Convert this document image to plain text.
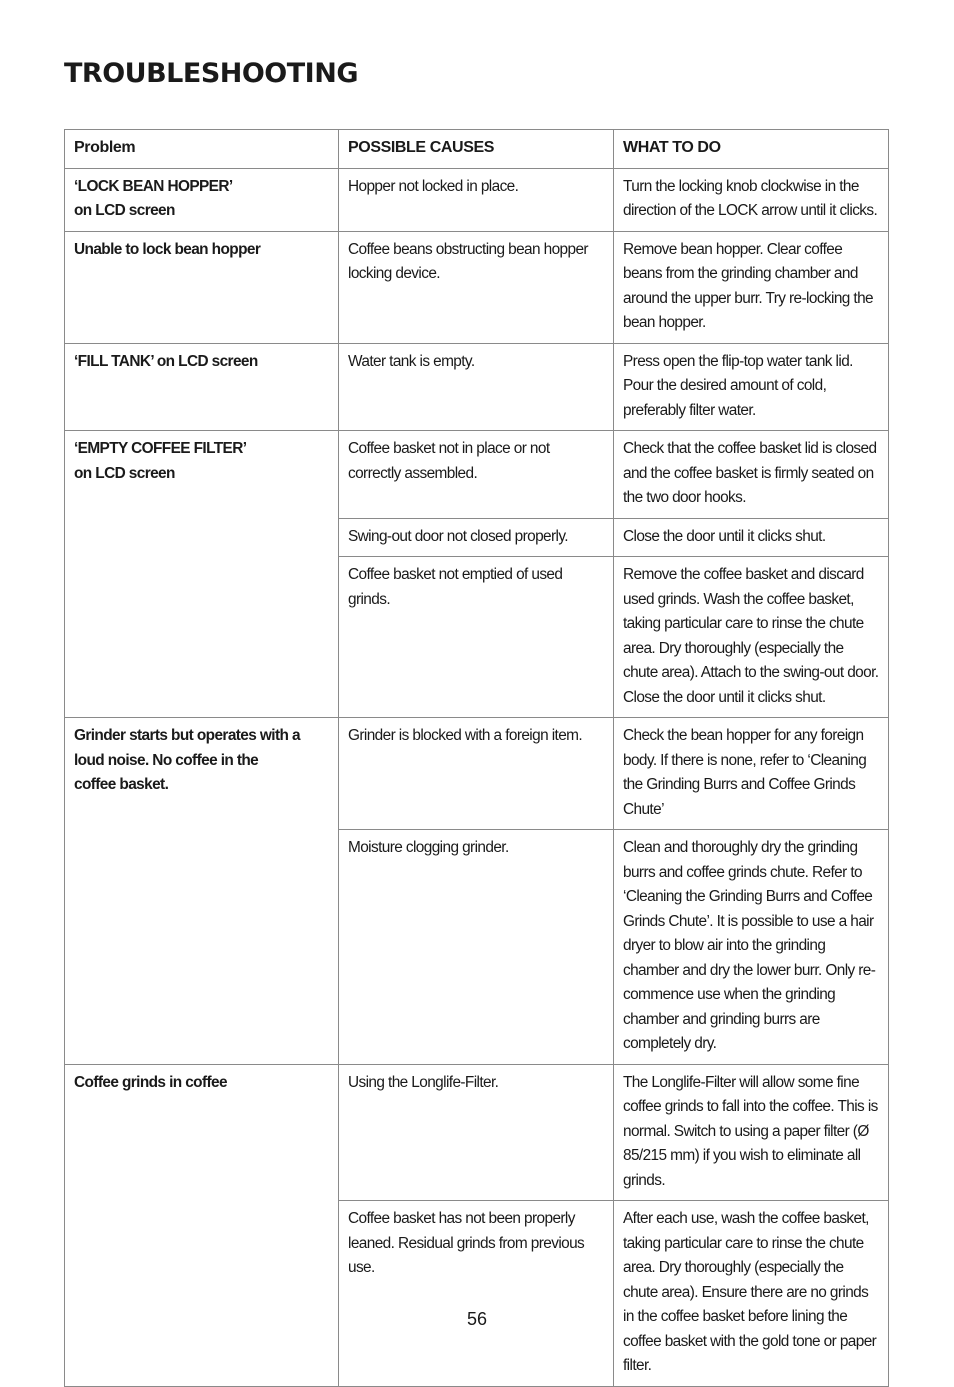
TROUBLESHOOTING
Problem	POSSIBLE CAUSES	WHAT TO DO

‘LOCK BEAN HOPPER’
on LCD screen	Hopper not locked in place.	Turn the locking knob clockwise in the direction of the LOCK arrow until it clicks.

Unable to lock bean hopper	Coffee beans obstructing bean hopper locking device.	Remove bean hopper. Clear coffee beans from the grinding chamber and around the upper burr. Try re-locking the bean hopper.

‘FILL TANK’ on LCD screen	Water tank is empty.	Press open the flip-top water tank lid. Pour the desired amount of cold, preferably filter water.

‘EMPTY COFFEE FILTER’
on LCD screen	Coffee basket not in place or not correctly assembled.	Check that the coffee basket lid is closed and the coffee basket is firmly seated on the two door hooks.
	Swing-out door not closed properly.	Close the door until it clicks shut.
	Coffee basket not emptied of used grinds.	Remove the coffee basket and discard used grinds. Wash the coffee basket, taking particular care to rinse the chute area. Dry thoroughly (especially the chute area). Attach to the swing-out door. Close the door until it clicks shut.

Grinder starts but operates with a
loud noise. No coffee in the
coffee basket.	Grinder is blocked with a foreign item.	Check the bean hopper for any foreign body. If there is none, refer to ‘Cleaning the Grinding Burrs and Coffee Grinds Chute’
	Moisture clogging grinder.	Clean and thoroughly dry the grinding burrs and coffee grinds chute. Refer to ‘Cleaning the Grinding Burrs and Coffee Grinds Chute’. It is possible to use a hair dryer to blow air into the grinding chamber and dry the lower burr. Only re-commence use when the grinding chamber and grinding burrs are completely dry.

Coffee grinds in coffee	Using the Longlife-Filter.	The Longlife-Filter will allow some fine coffee grinds to fall into the coffee. This is normal. Switch to using a paper filter (Ø 85/215 mm) if you wish to eliminate all grinds.
	Coffee basket has not been properly leaned. Residual grinds from previous use.	After each use, wash the coffee basket, taking particular care to rinse the chute area. Dry thoroughly (especially the chute area). Ensure there are no grinds in the coffee basket before lining the coffee basket with the gold tone or paper filter.
56
